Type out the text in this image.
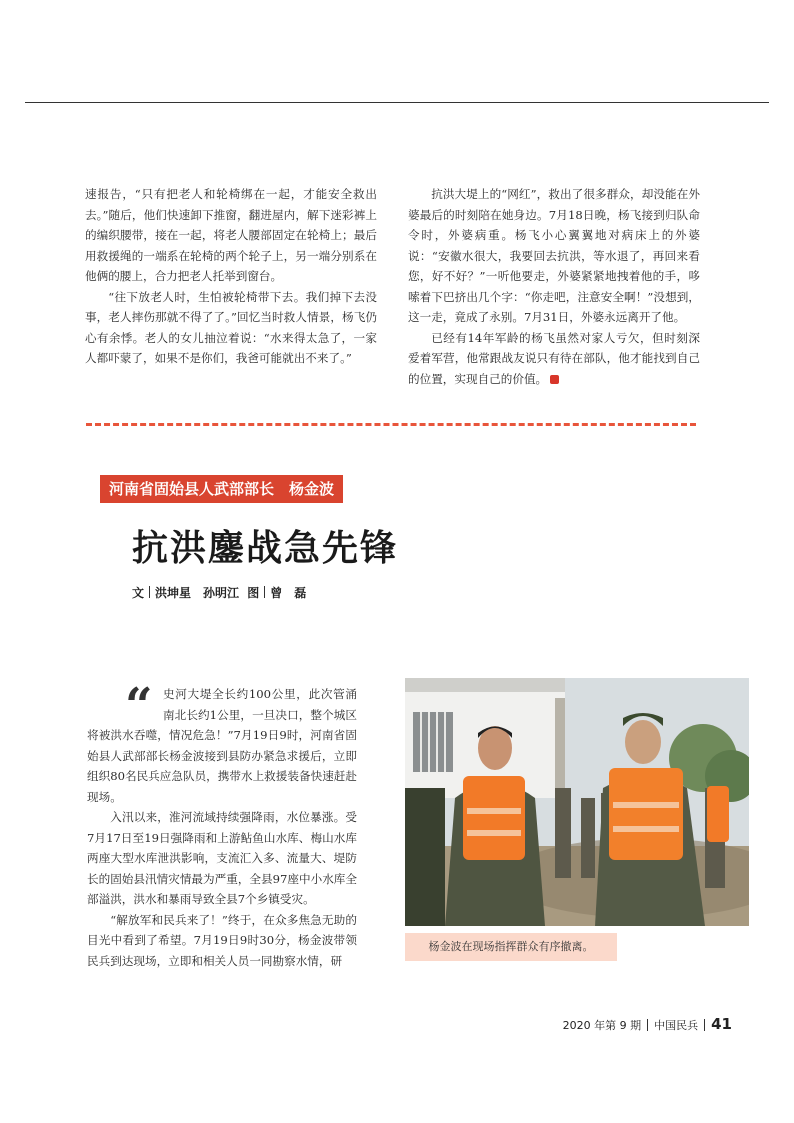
速报告，“只有把老人和轮椅绑在一起，才能安全救出去。”随后，他们快速卸下推窗，翻进屋内，解下迷彩裤上的编织腰带，接在一起，将老人腰部固定在轮椅上；最后用救援绳的一端系在轮椅的两个轮子上，另一端分别系在他俩的腰上，合力把老人托举到窗台。

“往下放老人时，生怕被轮椅带下去。我们掉下去没事，老人摔伤那就不得了了。”回忆当时救人情景，杨飞仍心有余悸。老人的女儿抽泣着说：“水来得太急了，一家人都吓蒙了，如果不是你们，我爸可能就出不来了。”

抗洪大堤上的“网红”，救出了很多群众，却没能在外婆最后的时刻陪在她身边。7月18日晚，杨飞接到归队命令时，外婆病重。杨飞小心翼翼地对病床上的外婆说：“安徽水很大，我要回去抗洪，等水退了，再回来看您，好不好？”一听他要走，外婆紧紧地拽着他的手，哆嗦着下巴挤出几个字：“你走吧，注意安全啊！”没想到，这一走，竟成了永别。7月31日，外婆永远离开了他。

已经有14年军龄的杨飞虽然对家人亏欠，但时刻深爱着军营，他常跟战友说只有待在部队，他才能找到自己的位置，实现自己的价值。

河南省固始县人武部部长　杨金波
抗洪鏖战急先锋
文 洪坤星　孙明江 图 曾　磊

“ 史河大堤全长约100公里，此次管涌南北长约1公里，一旦决口，整个城区将被洪水吞噬，情况危急！”7月19日9时，河南省固始县人武部部长杨金波接到县防办紧急求援后，立即组织80名民兵应急队员，携带水上救援装备快速赶赴现场。

入汛以来，淮河流域持续强降雨，水位暴涨。受7月17日至19日强降雨和上游鲇鱼山水库、梅山水库两座大型水库泄洪影响，支流汇入多、流量大、堤防长的固始县汛情灾情最为严重，全县97座中小水库全部溢洪，洪水和暴雨导致全县7个乡镇受灾。

“解放军和民兵来了！”终于，在众多焦急无助的目光中看到了希望。7月19日9时30分，杨金波带领民兵到达现场，立即和相关人员一同勘察水情，研

杨金波在现场指挥群众有序撤离。
2020 年第 9 期 中国民兵 41
